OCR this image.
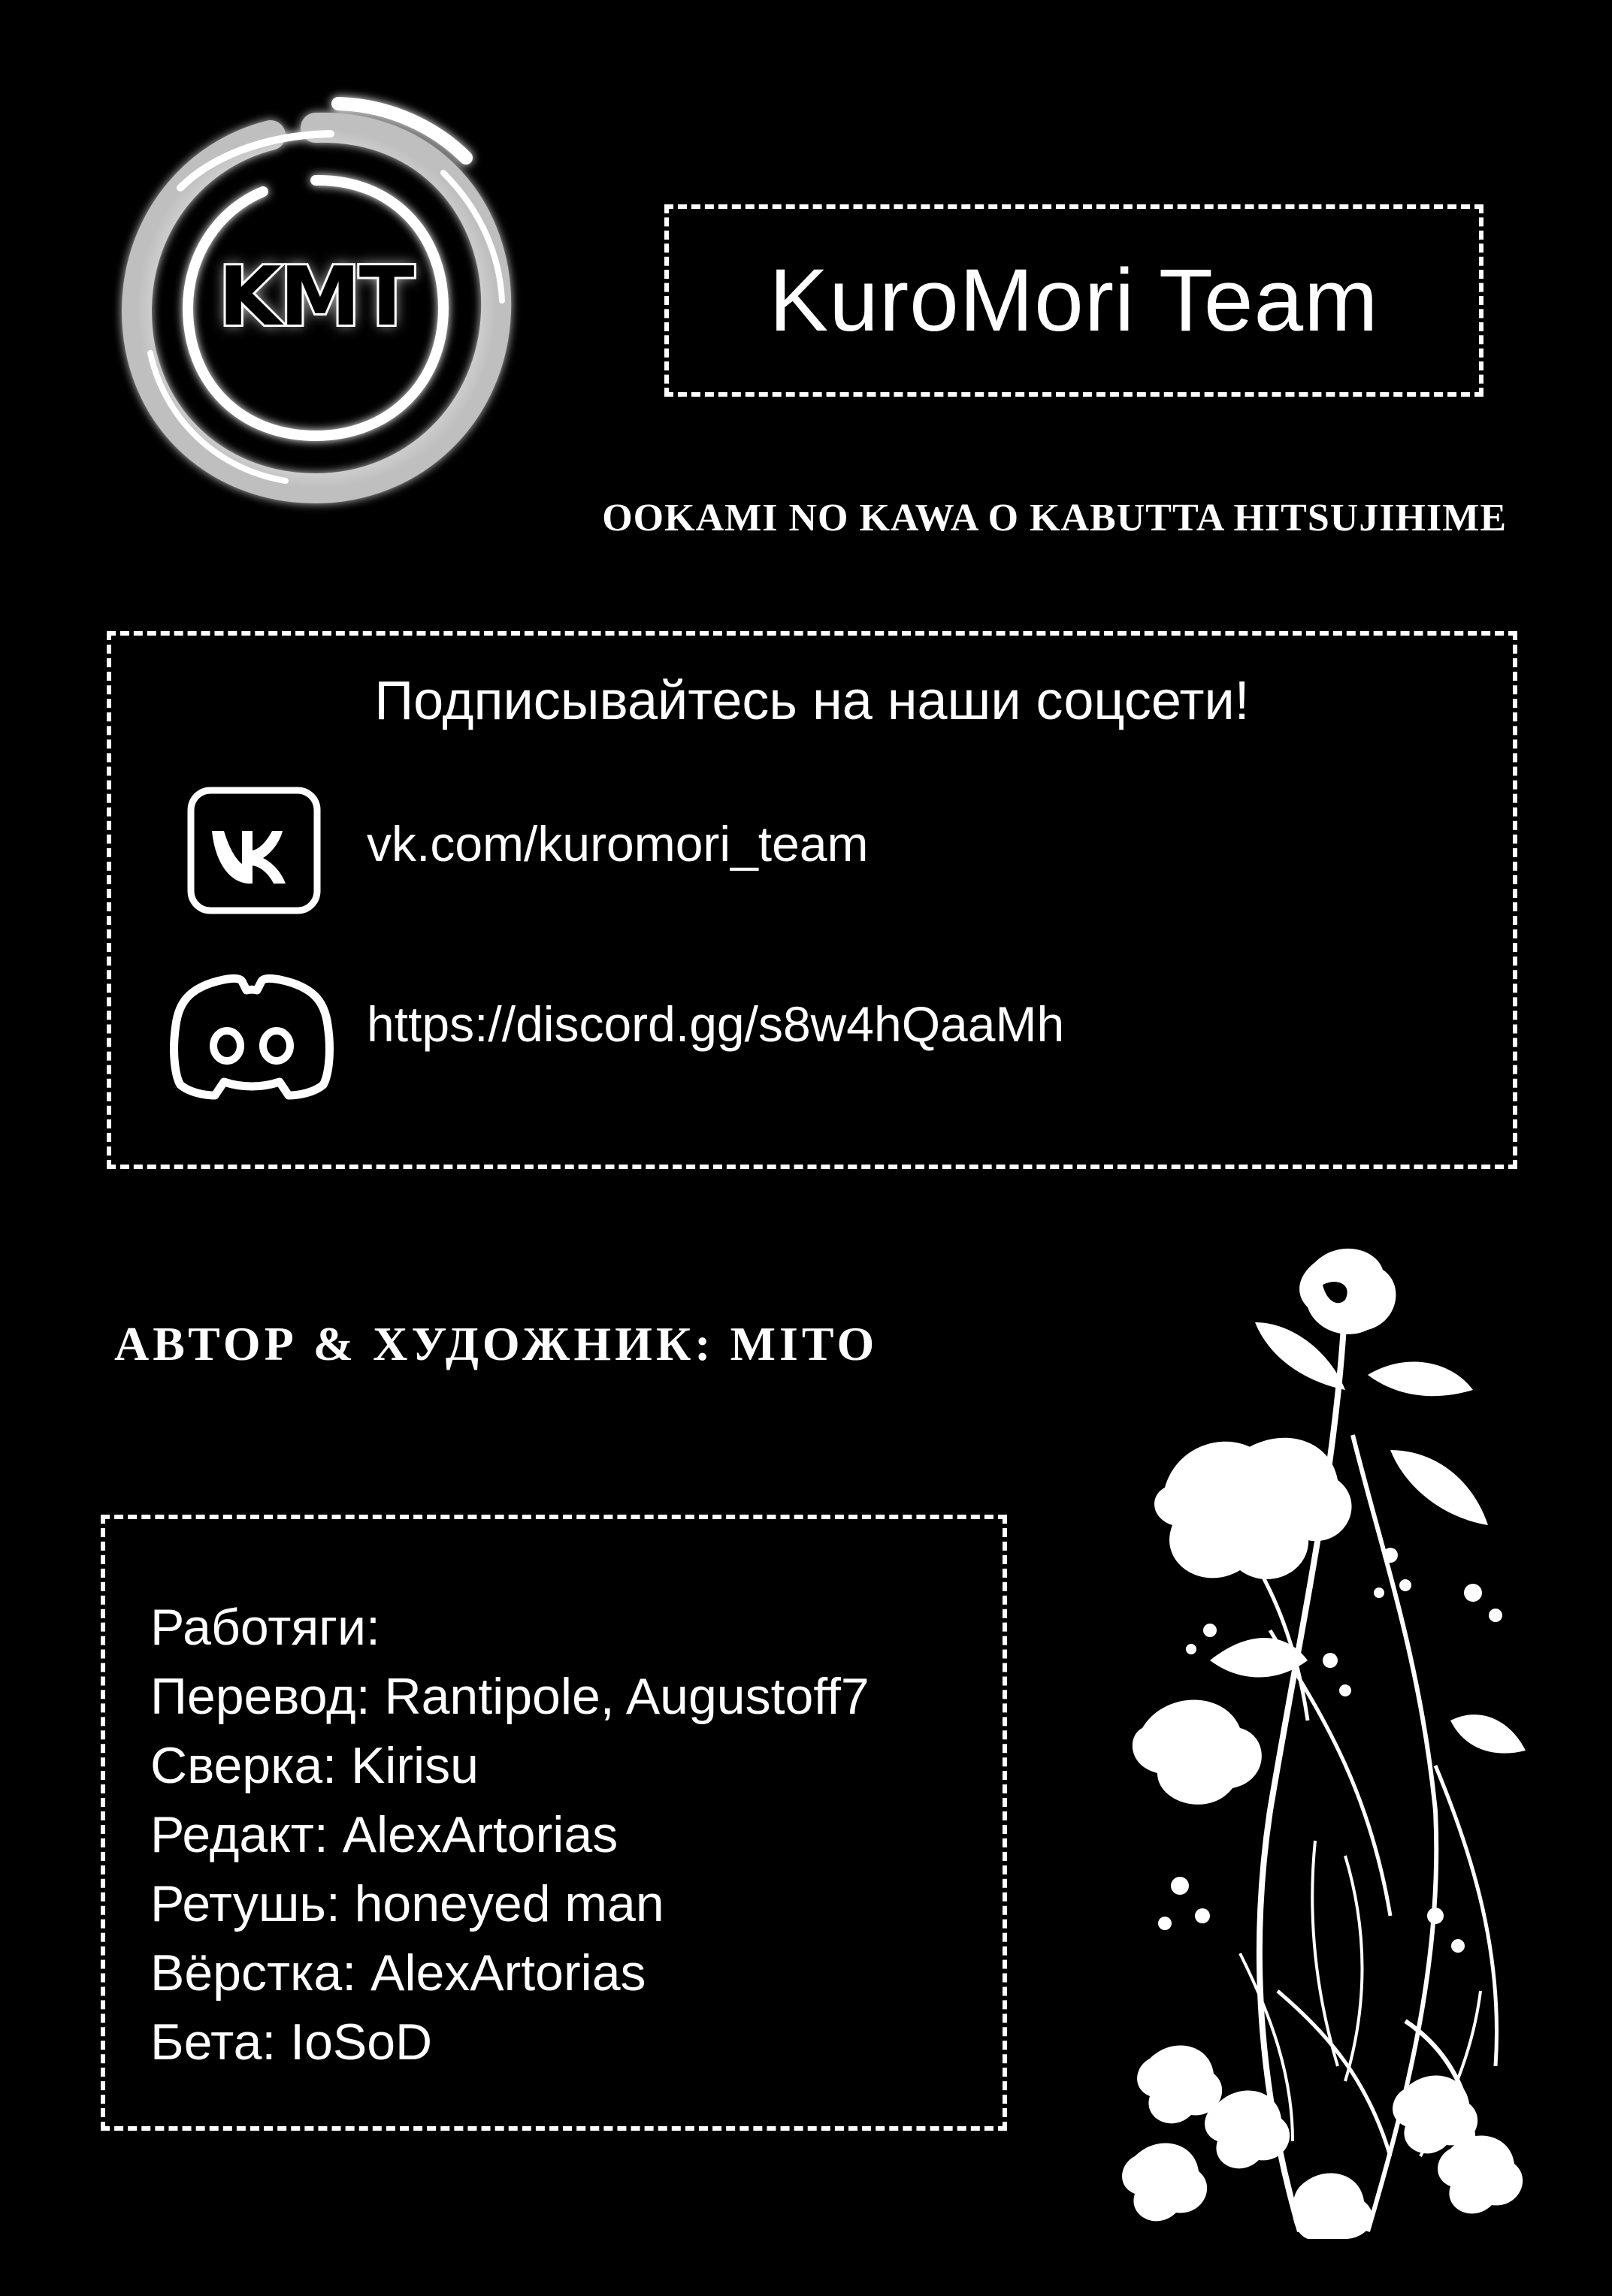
KMT	KuroMori Team
OOKAMI NO KAWA O KABUTTA HITSUJIHIME
Подписывайтесь на наши соцсети!
vk.com/kuromori_team
https://discord.gg/s8w4hQaaMh
АВТОР & ХУДОЖНИК: MITO
Работяги:
Перевод: Rantipole, Augustoff7
Сверка: Kirisu
Редакт: AlexArtorias
Ретушь: honeyed man
Вёрстка: AlexArtorias
Бета: IoSoD
